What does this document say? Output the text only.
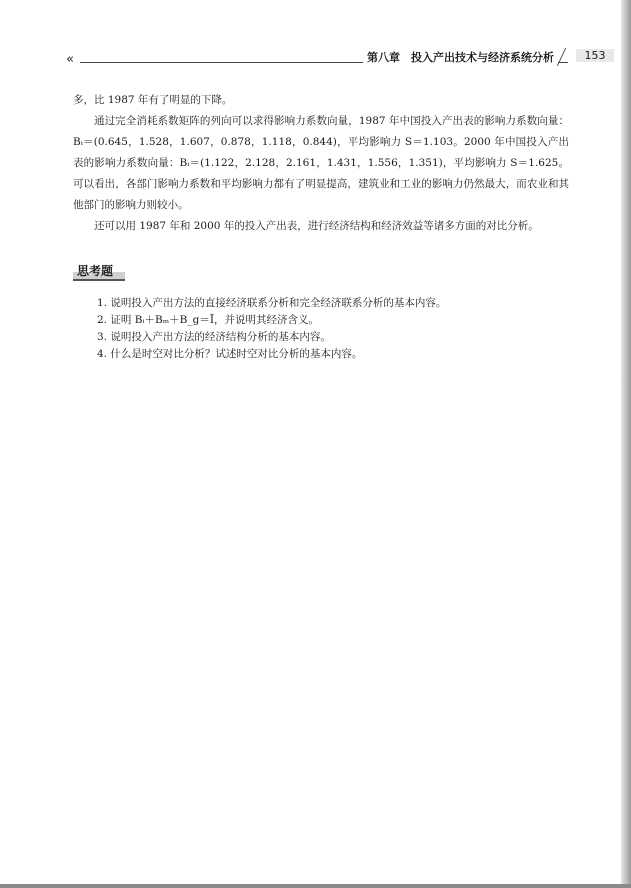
«	第八章　投入产出技术与经济系统分析	153

多，比 1987 年有了明显的下降。

通过完全消耗系数矩阵的列向可以求得影响力系数向量，1987 年中国投入产出表的影响力系数向量：Bᵢ＝(0.645，1.528，1.607，0.878，1.118，0.844)，平均影响力 S＝1.103。2000 年中国投入产出表的影响力系数向量：Bᵢ＝(1.122，2.128，2.161，1.431，1.556，1.351)，平均影响力 S＝1.625。可以看出，各部门影响力系数和平均影响力都有了明显提高，建筑业和工业的影响力仍然最大，而农业和其他部门的影响力则较小。

还可以用 1987 年和 2000 年的投入产出表，进行经济结构和经济效益等诸多方面的对比分析。

思考题
1. 说明投入产出方法的直接经济联系分析和完全经济联系分析的基本内容。
2. 证明 Bᵢ＋Bₘ＋B_g＝Ī，并说明其经济含义。
3. 说明投入产出方法的经济结构分析的基本内容。
4. 什么是时空对比分析？试述时空对比分析的基本内容。
